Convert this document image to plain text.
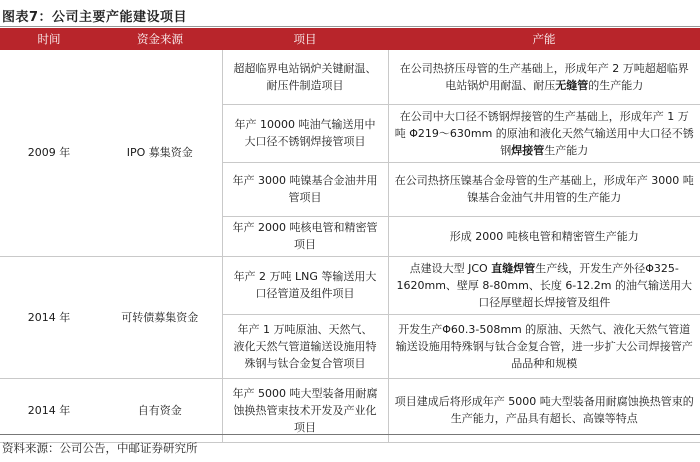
图表7：公司主要产能建设项目
时间	资金来源	项目	产能
2009 年	IPO 募集资金	超超临界电站锅炉关键耐温、耐压件制造项目	在公司热挤压母管的生产基础上，形成年产 2 万吨超超临界电站锅炉用耐温、耐压无缝管的生产能力
		年产 10000 吨油气输送用中大口径不锈钢焊接管项目	在公司中大口径不锈钢焊接管的生产基础上，形成年产 1 万吨 Φ219～630mm 的原油和液化天然气输送用中大口径不锈钢焊接管生产能力
		年产 3000 吨镍基合金油井用管项目	在公司热挤压镍基合金母管的生产基础上，形成年产 3000 吨镍基合金油气井用管的生产能力
		年产 2000 吨核电管和精密管项目	形成 2000 吨核电管和精密管生产能力
2014 年	可转债募集资金	年产 2 万吨 LNG 等输送用大口径管道及组件项目	点建设大型 JCO 直缝焊管生产线，开发生产外径Φ325-1620mm、壁厚 8-80mm、长度 6-12.2m 的油气输送用大口径厚壁超长焊接管及组件
		年产 1 万吨原油、天然气、液化天然气管道输送设施用特殊钢与钛合金复合管项目	开发生产Φ60.3-508mm 的原油、天然气、液化天然气管道输送设施用特殊钢与钛合金复合管，进一步扩大公司焊接管产品品种和规模
2014 年	自有资金	年产 5000 吨大型装备用耐腐蚀换热管束技术开发及产业化项目	项目建成后将形成年产 5000 吨大型装备用耐腐蚀换热管束的生产能力，产品具有超长、高镍等特点
资料来源：公司公告，中邮证券研究所
